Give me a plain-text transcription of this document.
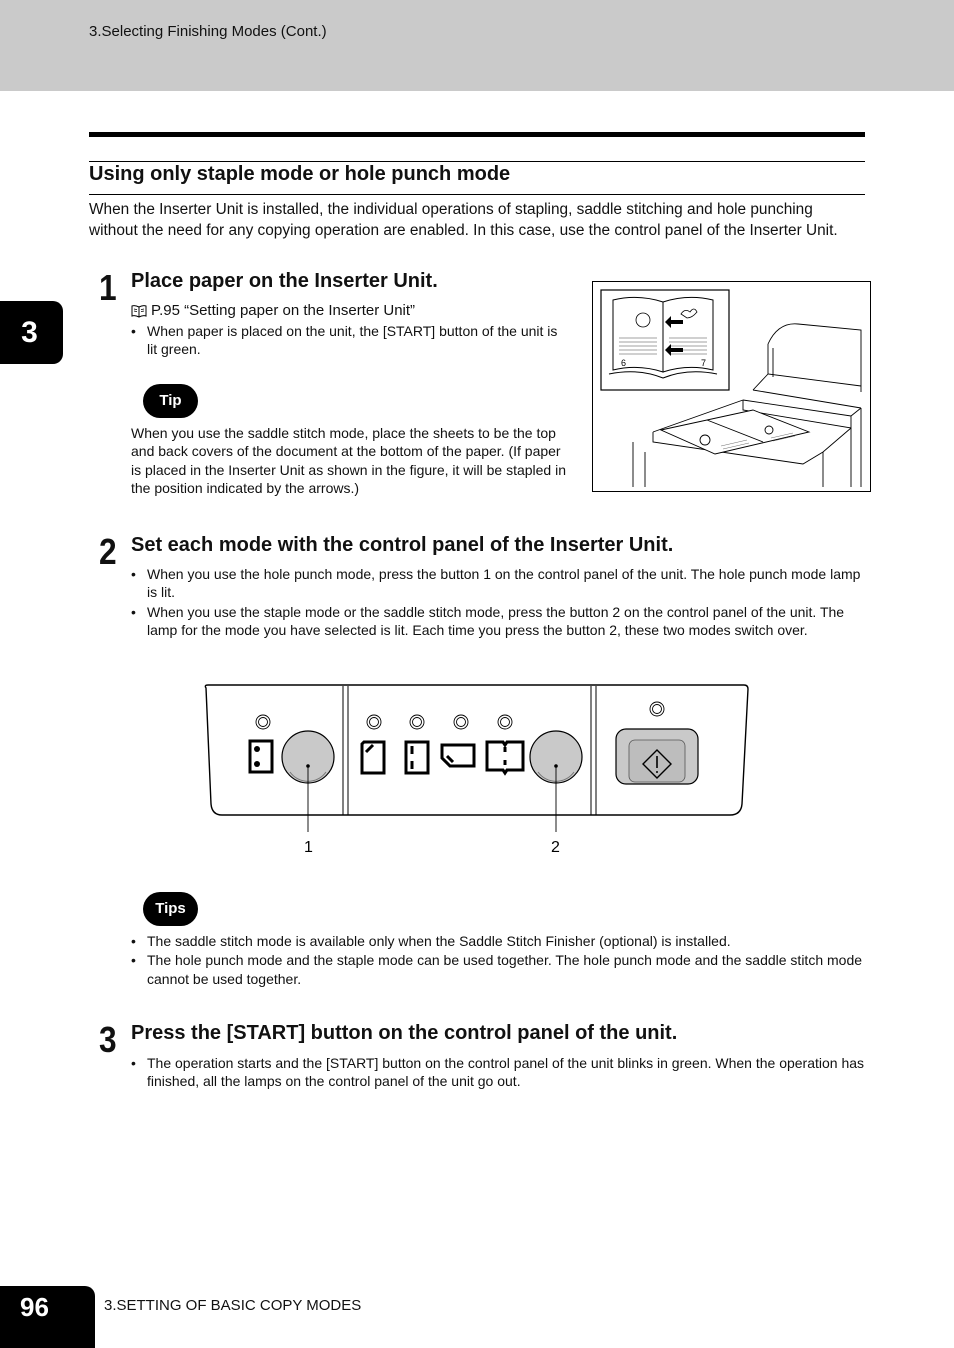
3.Selecting Finishing Modes (Cont.)
Using only staple mode or hole punch mode
When the Inserter Unit is installed, the individual operations of stapling, saddle stitching and hole punching without the need for any copying operation are enabled. In this case, use the control panel of the Inserter Unit.
3
1 Place paper on the Inserter Unit.
P.95 “Setting paper on the Inserter Unit”
• When paper is placed on the unit, the [START] button of the unit is lit green.
Tip
When you use the saddle stitch mode, place the sheets to be the top and back covers of the document at the bottom of the paper. (If paper is placed in the Inserter Unit as shown in the figure, it will be stapled in the position indicated by the arrows.)
6	7
2 Set each mode with the control panel of the Inserter Unit.
• When you use the hole punch mode, press the button 1 on the control panel of the unit. The hole punch mode lamp is lit.
• When you use the staple mode or the saddle stitch mode, press the button 2 on the control panel of the unit. The lamp for the mode you have selected is lit. Each time you press the button 2, these two modes switch over.
1	2
Tips
• The saddle stitch mode is available only when the Saddle Stitch Finisher (optional) is installed.
• The hole punch mode and the staple mode can be used together. The hole punch mode and the saddle stitch mode cannot be used together.
3 Press the [START] button on the control panel of the unit.
• The operation starts and the [START] button on the control panel of the unit blinks in green. When the operation has finished, all the lamps on the control panel of the unit go out.
96	3.SETTING OF BASIC COPY MODES
